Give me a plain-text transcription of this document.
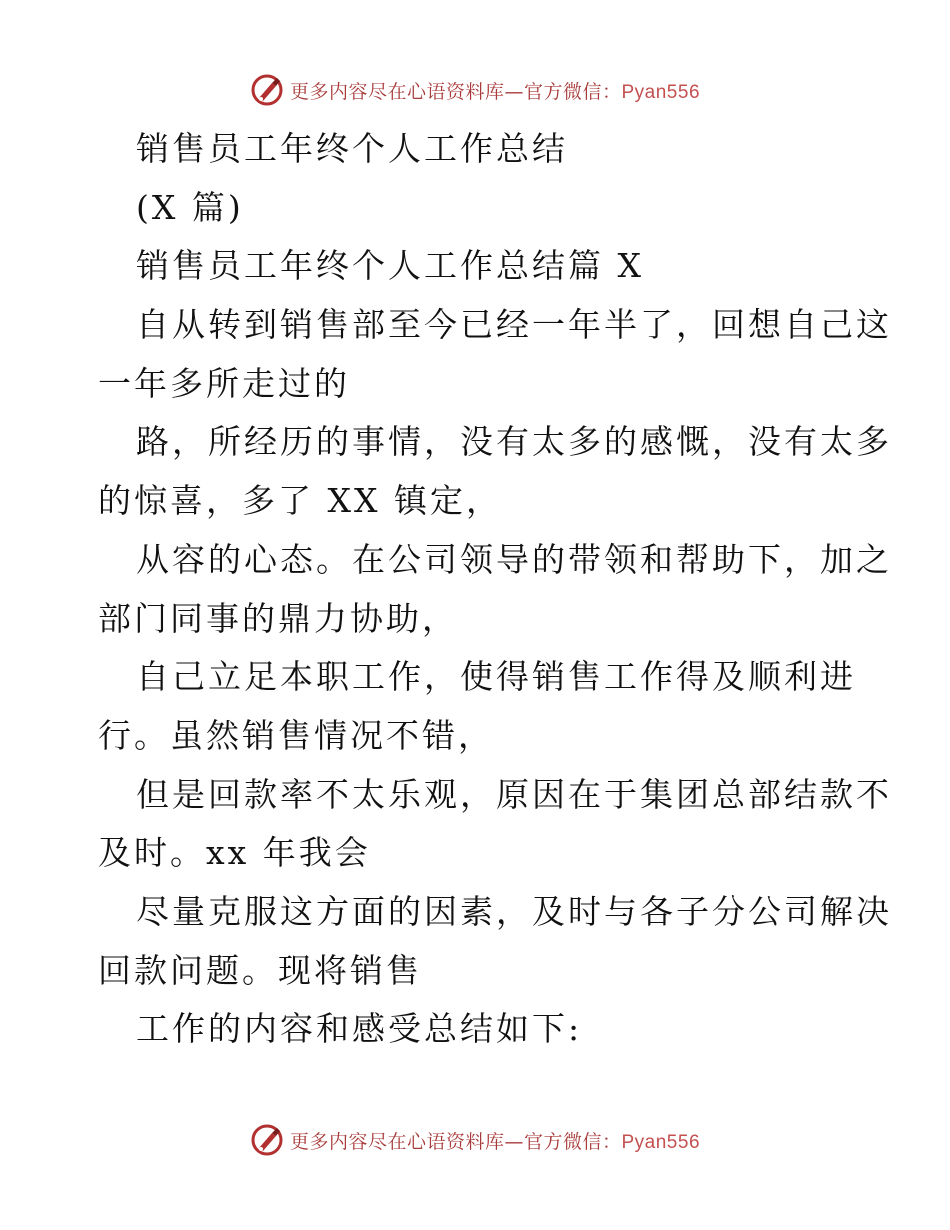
更多内容尽在心语资料库—官方微信：Pyan556
销售员工年终个人工作总结
(X 篇)
销售员工年终个人工作总结篇 X
自从转到销售部至今已经一年半了，回想自己这
一年多所走过的
路，所经历的事情，没有太多的感慨，没有太多
的惊喜，多了 XX 镇定，
从容的心态。在公司领导的带领和帮助下，加之
部门同事的鼎力协助，
自己立足本职工作，使得销售工作得及顺利进
行。虽然销售情况不错，
但是回款率不太乐观，原因在于集团总部结款不
及时。xx 年我会
尽量克服这方面的因素，及时与各子分公司解决
回款问题。现将销售
工作的内容和感受总结如下:
更多内容尽在心语资料库—官方微信：Pyan556
